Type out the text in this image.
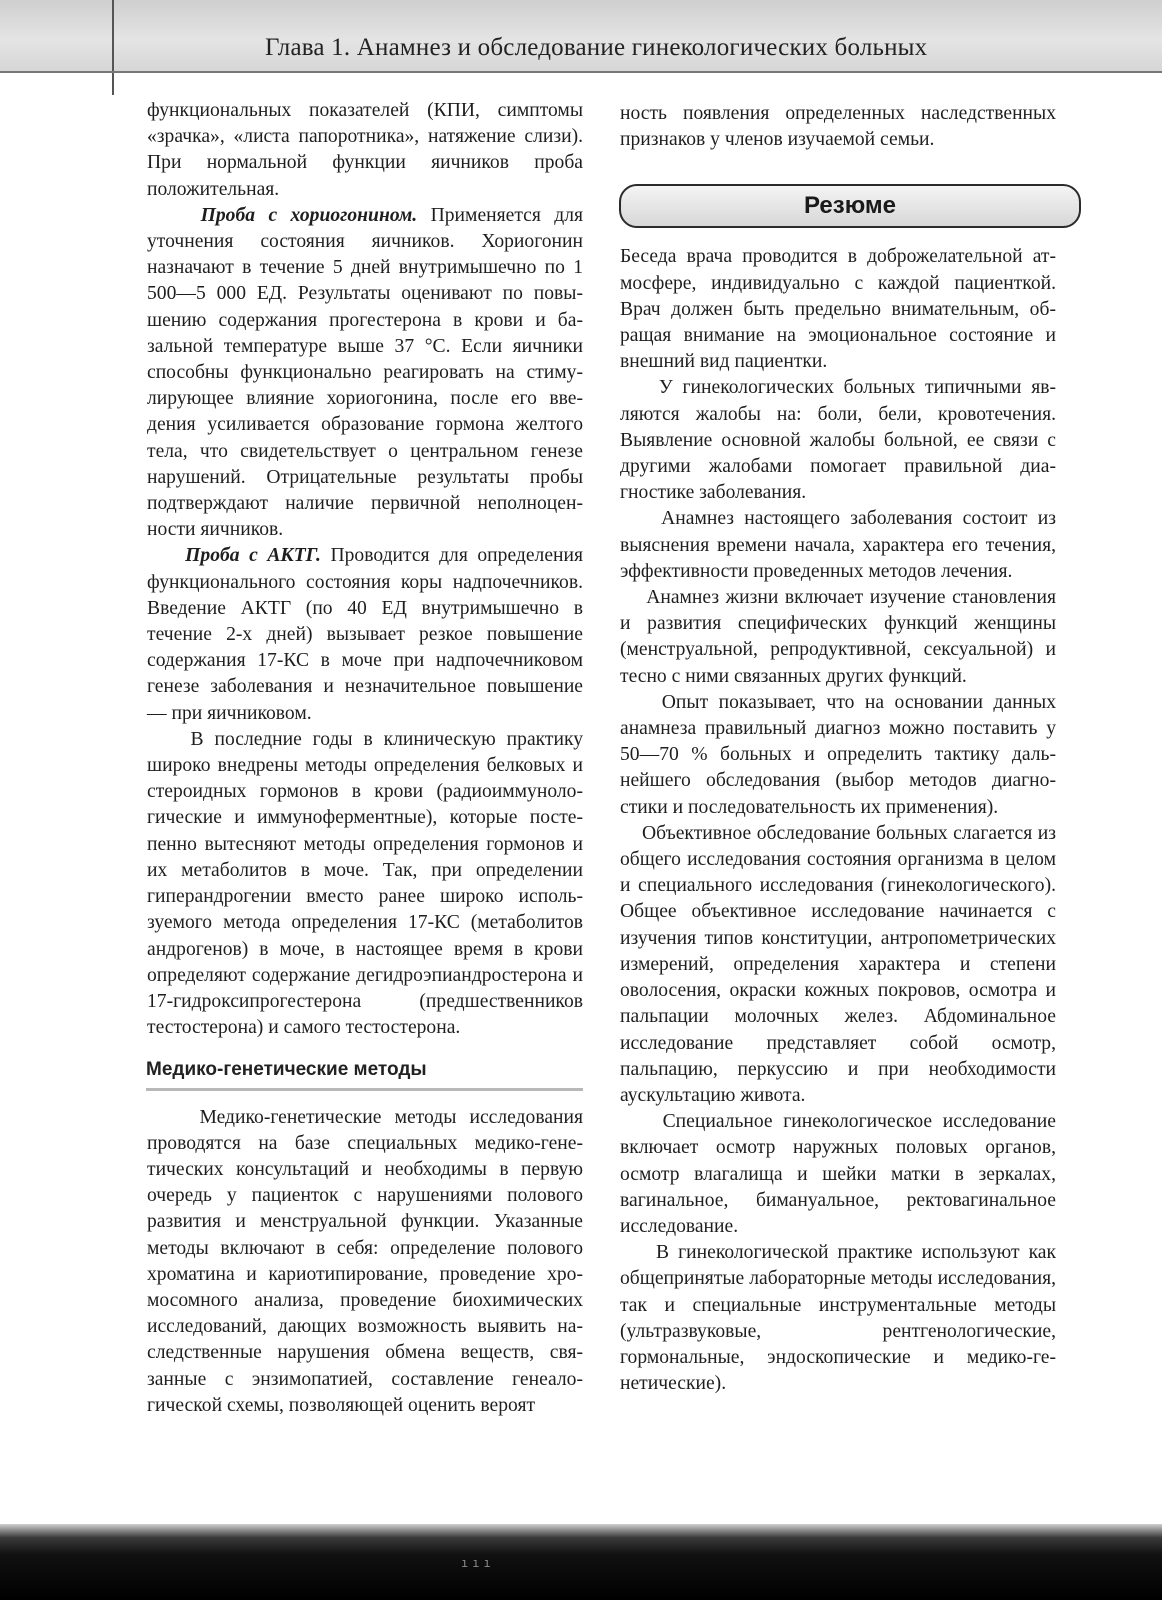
Глава 1. Анамнез и обследование гинекологических больных

функциональных показателей (КПИ, симптомы «зрачка», «листа папоротника», натяжение слизи). При нормальной функции яичников проба положительная.

Проба с хориогонином. Применяется для уточнения состояния яичников. Хориогонин назначают в течение 5 дней внутримышечно по 1 500—5 000 ЕД. Результаты оценивают по повышению содержания прогестерона в крови и базальной температуре выше 37 °С. Если яичники способны функционально реагировать на стимулирующее влияние хориогонина, после его введения усиливается образование гормона желтого тела, что свидетельствует о центральном генезе нарушений. Отрицательные результаты пробы подтверждают наличие первичной неполноценности яичников.

Проба с АКТГ. Проводится для определения функционального состояния коры надпочечников. Введение АКТГ (по 40 ЕД внутримышечно в течение 2-х дней) вызывает резкое повышение содержания 17-КС в моче при надпочечниковом генезе заболевания и незначительное повышение — при яичниковом.

В последние годы в клиническую практику широко внедрены методы определения белковых и стероидных гормонов в крови (радиоиммунологические и иммуноферментные), которые постепенно вытесняют методы определения гормонов и их метаболитов в моче. Так, при определении гиперандрогении вместо ранее широко используемого метода определения 17-КС (метаболитов андрогенов) в моче, в настоящее время в крови определяют содержание дегидроэпиандростерона и 17-гидроксипрогестерона (предшественников тестостерона) и самого тестостерона.

Медико-генетические методы

Медико-генетические методы исследования проводятся на базе специальных медико-генетических консультаций и необходимы в первую очередь у пациенток с нарушениями полового развития и менструальной функции. Указанные методы включают в себя: определение полового хроматина и кариотипирование, проведение хромосомного анализа, проведение биохимических исследований, дающих возможность выявить наследственные нарушения обмена веществ, связанные с энзимопатией, составление генеалогической схемы, позволяющей оценить вероят

ность появления определенных наследственных признаков у членов изучаемой семьи.

Резюме

Беседа врача проводится в доброжелательной атмосфере, индивидуально с каждой пациенткой. Врач должен быть предельно внимательным, обращая внимание на эмоциональное состояние и внешний вид пациентки.

У гинекологических больных типичными являются жалобы на: боли, бели, кровотечения. Выявление основной жалобы больной, ее связи с другими жалобами помогает правильной диагностике заболевания.

Анамнез настоящего заболевания состоит из выяснения времени начала, характера его течения, эффективности проведенных методов лечения.

Анамнез жизни включает изучение становления и развития специфических функций женщины (менструальной, репродуктивной, сексуальной) и тесно с ними связанных других функций.

Опыт показывает, что на основании данных анамнеза правильный диагноз можно поставить у 50—70 % больных и определить тактику дальнейшего обследования (выбор методов диагностики и последовательность их применения).

Объективное обследование больных слагается из общего исследования состояния организма в целом и специального исследования (гинекологического). Общее объективное исследование начинается с изучения типов конституции, антропометрических измерений, определения характера и степени оволосения, окраски кожных покровов, осмотра и пальпации молочных желез. Абдоминальное исследование представляет собой осмотр, пальпацию, перкуссию и при необходимости аускультацию живота.

Специальное гинекологическое исследование включает осмотр наружных половых органов, осмотр влагалища и шейки матки в зеркалах, вагинальное, бимануальное, ректовагинальное исследование.

В гинекологической практике используют как общепринятые лабораторные методы исследования, так и специальные инструментальные методы (ультразвуковые, рентгенологические, гормональные, эндоскопические и медико-генетические).

ııı
